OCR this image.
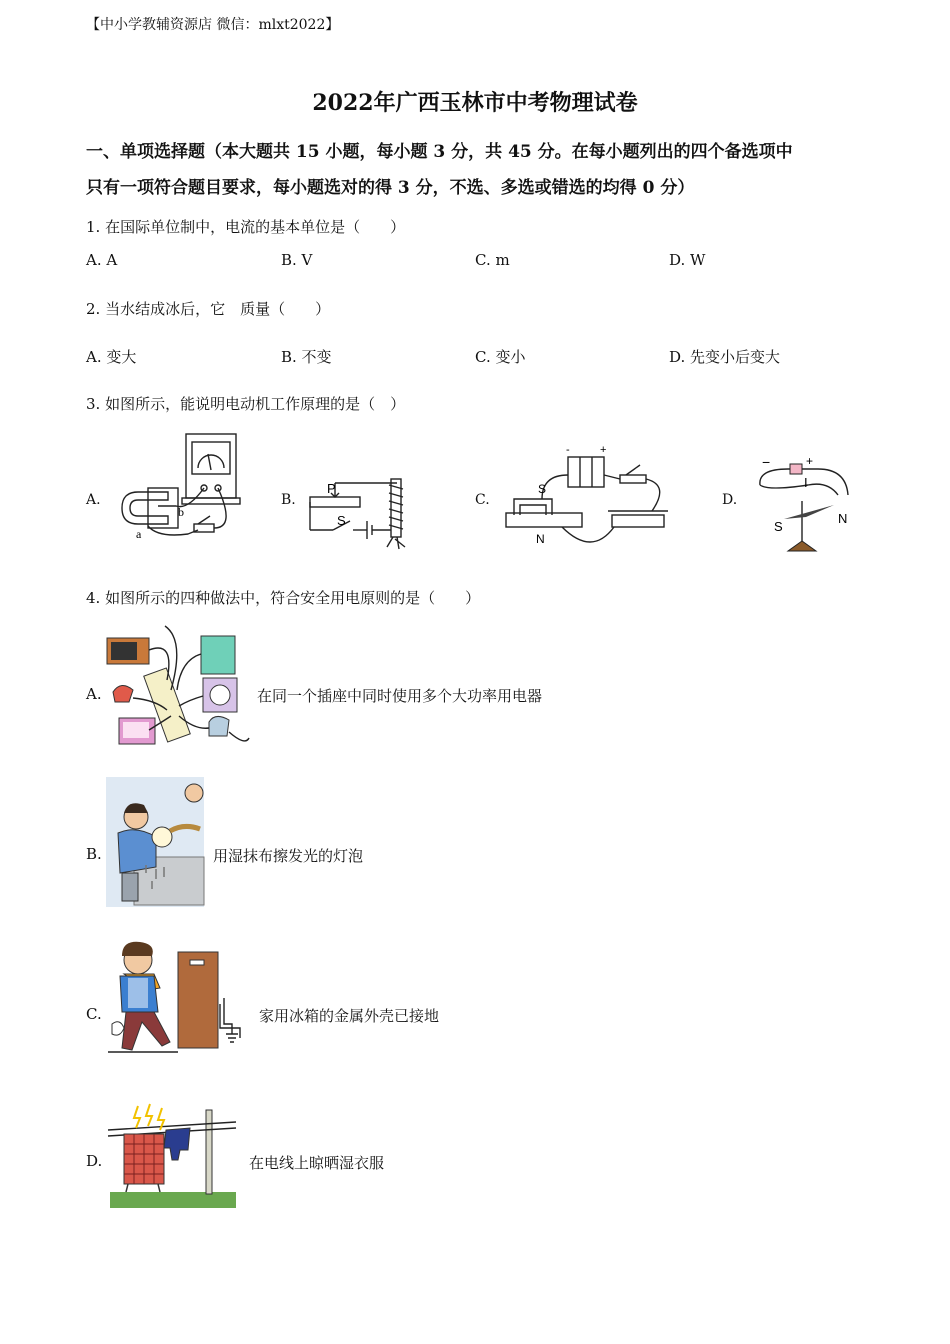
【中小学教辅资源店 微信：mlxt2022】
2022年广西玉林市中考物理试卷
一、单项选择题（本大题共 15 小题，每小题 3 分，共 45 分。在每小题列出的四个备选项中
只有一项符合题目要求，每小题选对的得 3 分，不选、多选或错选的均得 0 分）
1. 在国际单位制中，电流的基本单位是（　　）
A. A	B. V	C. m	D. W
2. 当水结成冰后，它　质量（　　）
A. 变大	B. 不变	C. 变小	D. 先变小后变大
3. 如图所示，能说明电动机工作原理的是（　）
A.
a
b
B.
P
S
C.
S
N
-	+
D.
−	+
I
S
N
4. 如图所示的四种做法中，符合安全用电原则的是（　　）
A.	在同一个插座中同时使用多个大功率用电器
B.	用湿抹布擦发光的灯泡
C.	家用冰箱的金属外壳已接地
D.	在电线上晾晒湿衣服
